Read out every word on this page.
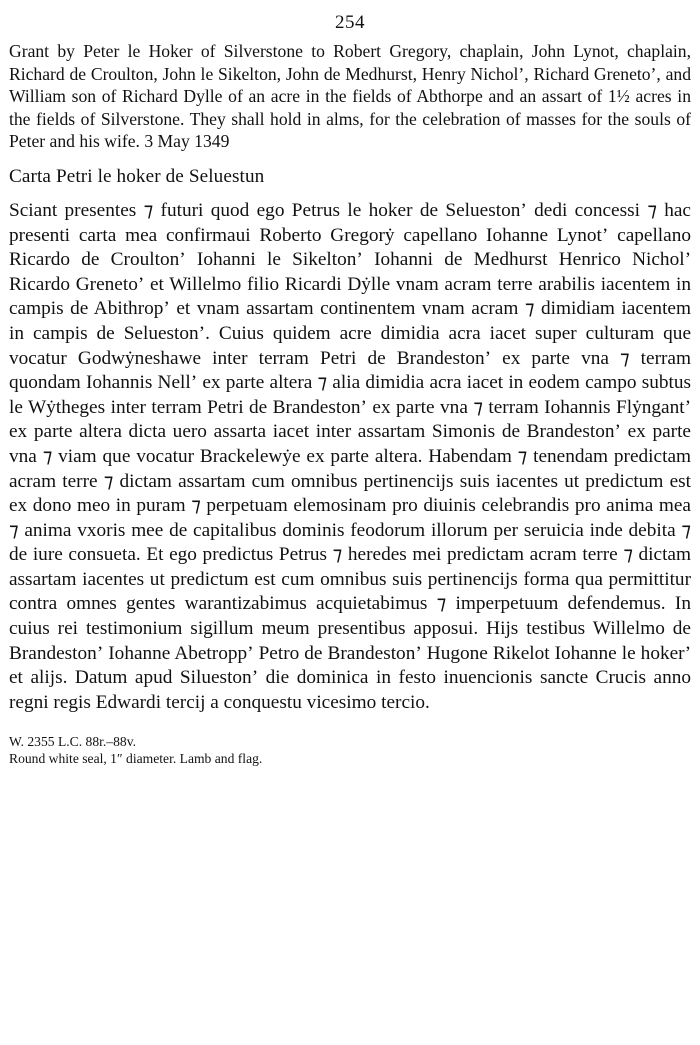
254

Grant by Peter le Hoker of Silverstone to Robert Gregory, chaplain, John Lynot, chaplain, Richard de Croulton, John le Sikelton, John de Medhurst, Henry Nichol’, Richard Greneto’, and William son of Richard Dylle of an acre in the fields of Abthorpe and an assart of 1½ acres in the fields of Silverstone. They shall hold in alms, for the celebration of masses for the souls of Peter and his wife. 3 May 1349

Carta Petri le hoker de Seluestun

Sciant presentes ⁊ futuri quod ego Petrus le hoker de Seluestonʼ dedi concessi ⁊ hac presenti carta mea confirmaui Roberto Gregorẏ capellano Iohanne Lynotʼ capellano Ricardo de Croultonʼ Iohanni le Sikeltonʼ Iohanni de Medhurst Henrico Nicholʼ Ricardo Grenetoʼ et Willelmo filio Ricardi Dẏlle vnam acram terre arabilis iacentem in campis de Abithropʼ et vnam assartam continentem vnam acram ⁊ dimidiam iacentem in campis de Seluestonʼ. Cuius quidem acre dimidia acra iacet super culturam que vocatur Godwẏneshawe inter terram Petri de Brandestonʼ ex parte vna ⁊ terram quondam Iohannis Nellʼ ex parte altera ⁊ alia dimidia acra iacet in eodem campo subtus le Wẏtheges inter terram Petri de Brandestonʼ ex parte vna ⁊ terram Iohannis Flẏngantʼ ex parte altera dicta uero assarta iacet inter assartam Simonis de Brandestonʼ ex parte vna ⁊ viam que vocatur Brackelewẏe ex parte altera. Habendam ⁊ tenendam predictam acram terre ⁊ dictam assartam cum omnibus pertinencijs suis iacentes ut predictum est ex dono meo in puram ⁊ perpetuam elemosinam pro diuinis celebrandis pro anima mea ⁊ anima vxoris mee de capitalibus dominis feodorum illorum per seruicia inde debita ⁊ de iure consueta. Et ego predictus Petrus ⁊ heredes mei predictam acram terre ⁊ dictam assartam iacentes ut predictum est cum omnibus suis pertinencijs forma qua permittitur contra omnes gentes warantizabimus acquietabimus ⁊ imperpetuum defendemus. In cuius rei testimonium sigillum meum presentibus apposui. Hijs testibus Willelmo de Brandestonʼ Iohanne Abetroppʼ Petro de Brandestonʼ Hugone Rikelot Iohanne le hokerʼ et alijs. Datum apud Siluestonʼ die dominica in festo inuencionis sancte Crucis anno regni regis Edwardi tercij a conquestu vicesimo tercio.

W. 2355 L.C. 88r.–88v.
Round white seal, 1″ diameter. Lamb and flag.
